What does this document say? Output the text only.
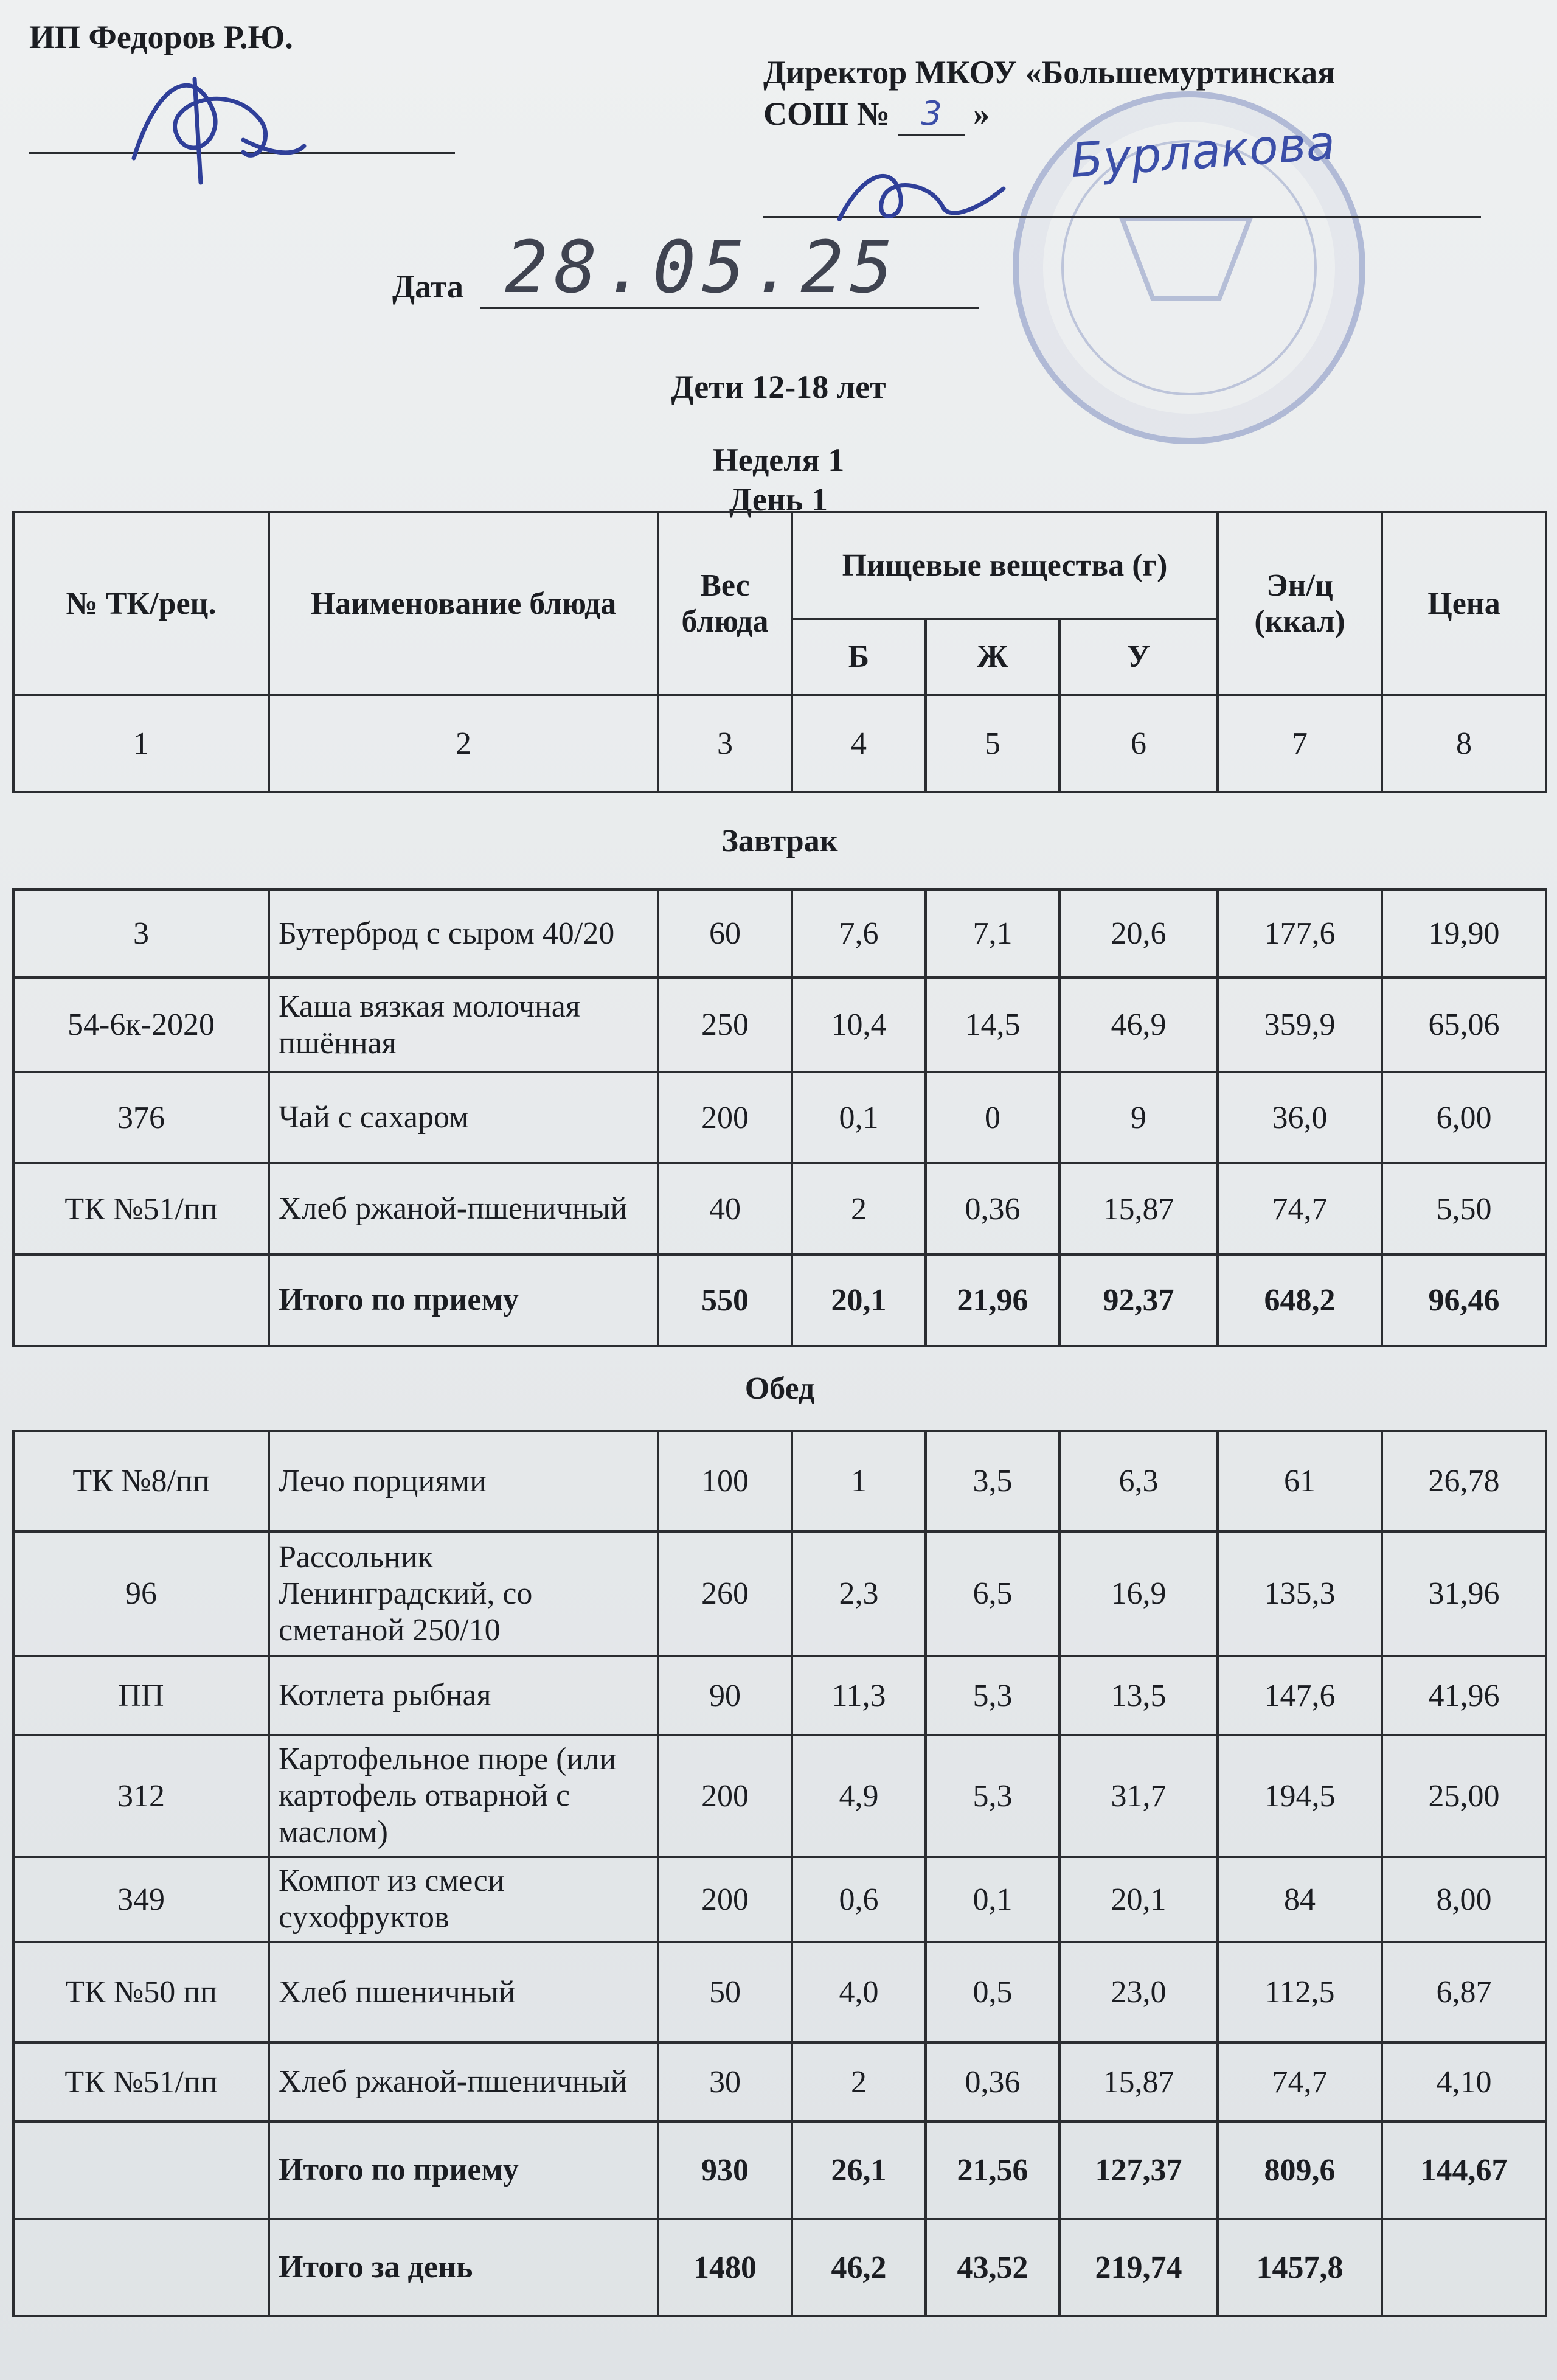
ИП Федоров Р.Ю.
Директор МКОУ «Большемуртинская
СОШ № 3 »
Бурлакова
Дата 28.05.25
Дети 12-18 лет
Неделя 1
День 1
№ ТК/рец.	Наименование блюда	Вес блюда	Пищевые вещества (г)			Эн/ц (ккал)	Цена
			Б	Ж	У		
1	2	3	4	5	6	7	8
Завтрак							
3	Бутерброд с сыром 40/20	60	7,6	7,1	20,6	177,6	19,90
54-6к-2020	Каша вязкая молочная пшённая	250	10,4	14,5	46,9	359,9	65,06
376	Чай с сахаром	200	0,1	0	9	36,0	6,00
ТК №51/пп	Хлеб ржаной-пшеничный	40	2	0,36	15,87	74,7	5,50
	Итого по приему	550	20,1	21,96	92,37	648,2	96,46
Обед							
ТК №8/пп	Лечо порциями	100	1	3,5	6,3	61	26,78
96	Рассольник Ленинградский, со сметаной 250/10	260	2,3	6,5	16,9	135,3	31,96
ПП	Котлета рыбная	90	11,3	5,3	13,5	147,6	41,96
312	Картофельное пюре (или картофель отварной с маслом)	200	4,9	5,3	31,7	194,5	25,00
349	Компот из смеси сухофруктов	200	0,6	0,1	20,1	84	8,00
ТК №50 пп	Хлеб пшеничный	50	4,0	0,5	23,0	112,5	6,87
ТК №51/пп	Хлеб ржаной-пшеничный	30	2	0,36	15,87	74,7	4,10
	Итого по приему	930	26,1	21,56	127,37	809,6	144,67
	Итого за день	1480	46,2	43,52	219,74	1457,8	
